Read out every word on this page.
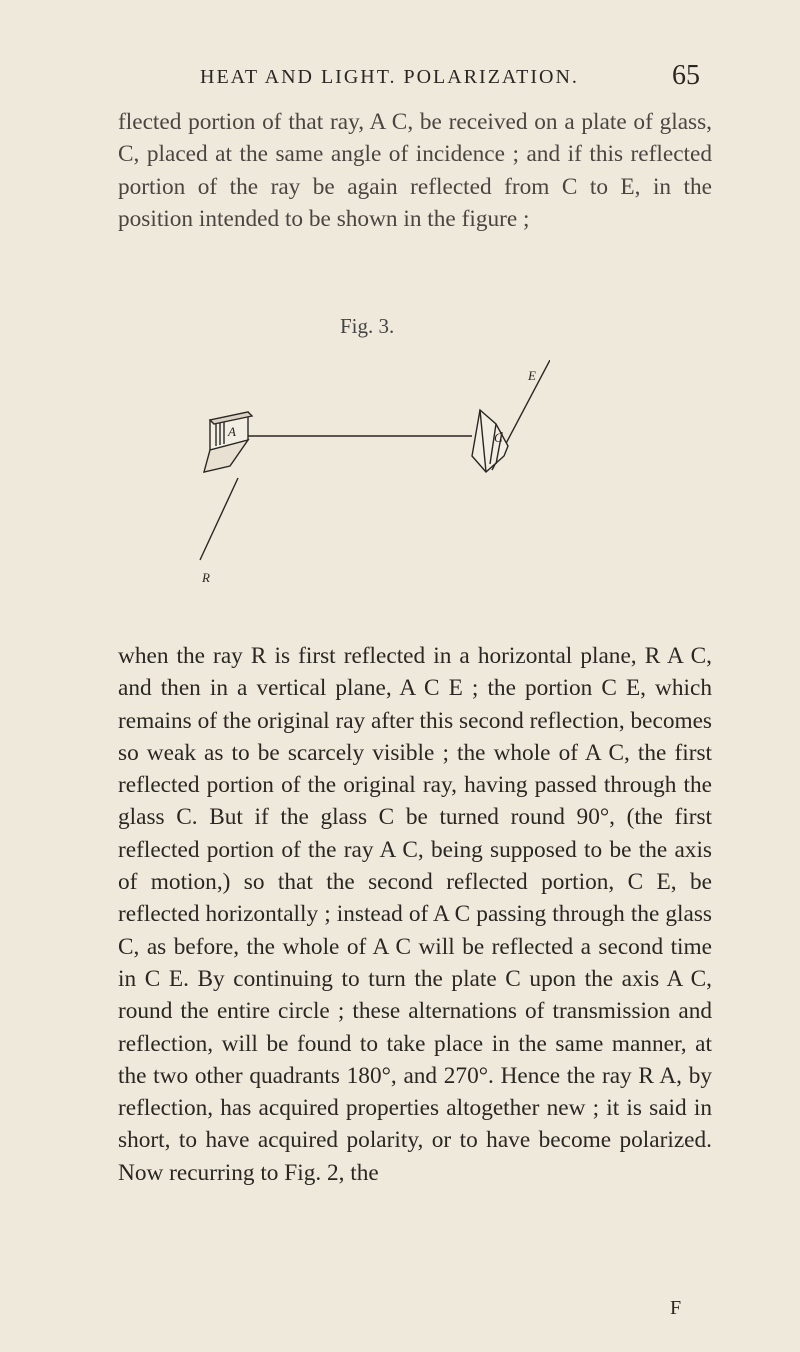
HEAT AND LIGHT. POLARIZATION.	65
flected portion of that ray, A C, be received on a plate of glass, C, placed at the same angle of incidence ; and if this reflected portion of the ray be again reflected from C to E, in the position intended to be shown in the figure ;
Fig. 3.
A	C
E
R
when the ray R is first reflected in a horizontal plane, R A C, and then in a vertical plane, A C E ; the portion C E, which remains of the original ray after this second reflection, becomes so weak as to be scarcely visible ; the whole of A C, the first reflected portion of the original ray, having passed through the glass C. But if the glass C be turned round 90°, (the first reflected portion of the ray A C, being supposed to be the axis of motion,) so that the second reflected portion, C E, be reflected horizontally ; instead of A C passing through the glass C, as before, the whole of A C will be reflected a second time in C E. By continuing to turn the plate C upon the axis A C, round the entire circle ; these alternations of transmission and reflection, will be found to take place in the same manner, at the two other quadrants 180°, and 270°. Hence the ray R A, by reflection, has acquired properties altogether new ; it is said in short, to have acquired polarity, or to have become polarized. Now recurring to Fig. 2, the
F
